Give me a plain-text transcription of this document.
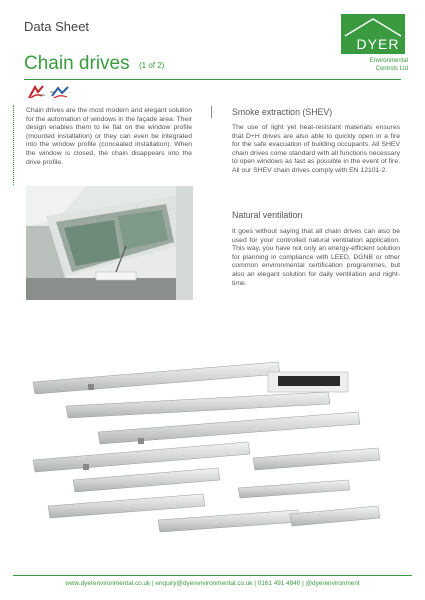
Data Sheet
DYER
Environmental
Controls Ltd
Chain drives (1 of 2)
Chain drives are the most modern and elegant solution for the automation of windows in the façade area. Their design enables them to lie flat on the window profile (mounted installation) or they can even be integrated into the window profile (concealed installation). When the window is closed, the chain disappears into the drive profile.
Smoke extraction (SHEV)
The use of light yet heat-resistant materials ensures that D+H drives are also able to quickly open in a fire for the safe evacuation of building occupants. All SHEV chain drives come standard with all functions necessary to open windows as fast as possible in the event of fire. All our SHEV chain drives comply with EN 12101-2.
Natural ventilation
It goes without saying that all chain drives can also be used for your controlled natural ventilation application. This way, you have not only an energy-efficient solution for planning in compliance with LEED, DGNB or other common environmental certification programmes, but also an elegant solution for daily ventilation and night-time.
www.dyerenvironmental.co.uk | enquiry@dyerenvironmental.co.uk | 0161 491 4840 | @dyerenvironment
